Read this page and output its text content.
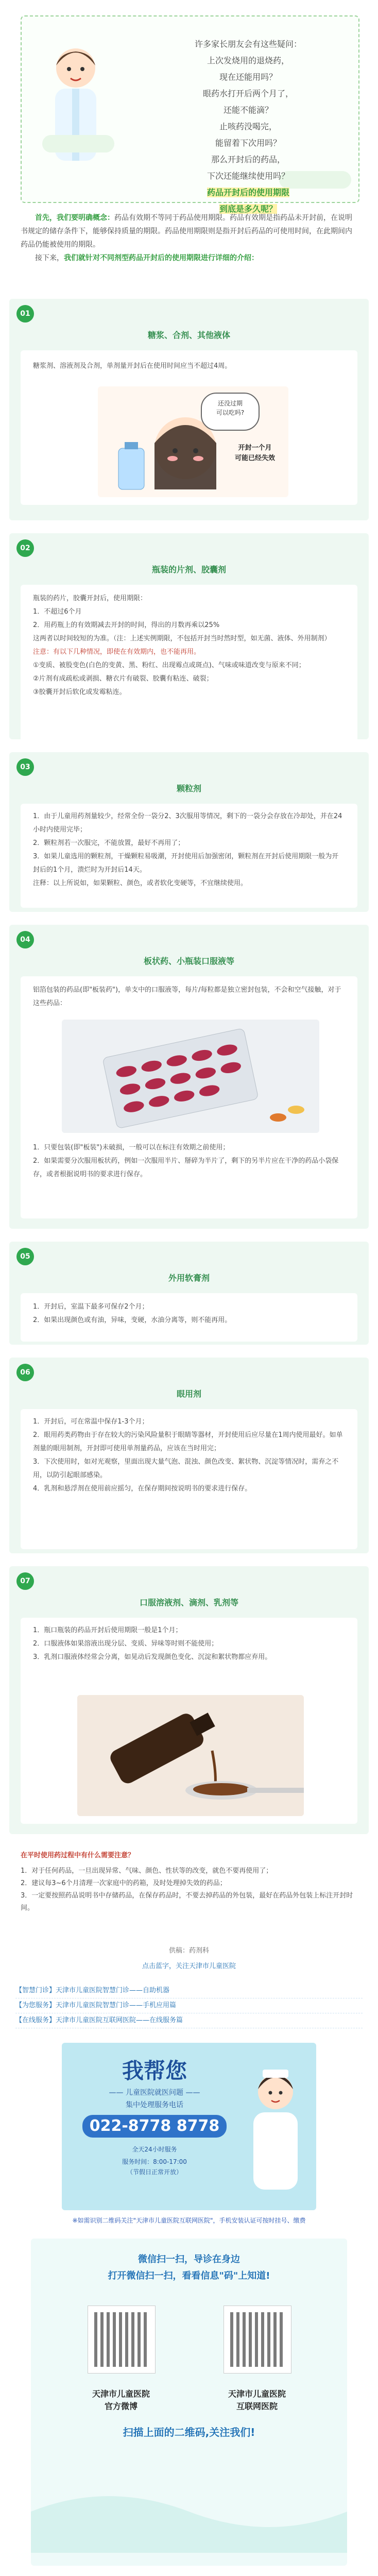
许多家长朋友会有这些疑问：

上次发烧用的退烧药，

现在还能用吗？

眼药水打开后两个月了，

还能不能滴？

止咳药没喝完，

能留着下次用吗？

那么开封后的药品，

下次还能继续使用吗？

药品开封后的使用期限

到底是多久呢？

首先，我们要明确概念：药品有效期不等同于药品使用期限。药品有效期是指药品未开封前，在说明书规定的储存条件下，能够保持质量的期限。药品使用期限则是指开封后药品的可使用时间，在此期间内药品仍能被使用的期限。

接下来，我们就针对不同剂型药品开封后的使用期限进行详细的介绍：

01
糖浆、合剂、其他液体

糖浆剂、溶液剂及合剂，单剂量开封后在使用时间应当不超过4周。

还没过期
可以吃吗?
开封一个月
可能已经失效
02
瓶装的片剂、胶囊剂

瓶装的药片，胶囊开封后，使用期限：

1．不超过6个月

2．用药瓶上的有效期减去开封的时间，得出的月数再乘以25%

这两者以时间较短的为准。（注：上述实例期限，不包括开封当时然时型，如无菌、液体、外用制剂）

注意：有以下几种情况，即使在有效期内，也不能再用。

①变质、被股变色(白色的变黄、黑、粉红、出现霉点或斑点)、气味或味道改变与原来不同；

②片剂有成疏松或剥损、糖衣片有破裂、胶囊有粘连、破裂；

③胶囊开封后软化或发霉粘连。

03
颗粒剂

1．由于儿童用药剂量较少，经常全份一袋分2、3次服用等情况，剩下的一袋分会存放在冷却处，并在24小时内使用完毕；

2．颗粒剂若一次服完，不能放置，最好不再用了；

3．如果儿童选用的颗粒剂，干燥颗粒易吸潮，开封使用后加强密闭，颗粒剂在开封后使用期限一般为开封后的1个月，溃烂时为开封后14天。

注释：以上所说如，如果颗粒、颜色，或者软化变硬等，不宜继续使用。

04
板状药、小瓶装口服液等

铝箔包装的药品(即"板装药")，单支中的口服液等，每片/每粒都是独立密封包装，不会和空气接触，对于这些药品：

1．只要包装(即"板装")未破损，一般可以在标注有效期之前使用；

2．如果需要分次服用板状药，例如一次服用半片、掰碎为半片了，剩下的另半片应在干净的药品小袋保存，或者根据说明书的要求进行保存。

05
外用软膏剂

1．开封后，室温下最多可保存2个月；

2．如果出现颜色或有油，异味，变硬，水油分离等，则不能再用。

06
眼用剂

1．开封后，可在常温中保存1-3个月；

2．眼用药类药物由于存在较大的污染风险量积于眼睛等器材，开封使用后应尽量在1周内使用最好。如单剂量的眼用制剂，开封即可使用单剂量药品，应该在当时用完；

3．下次使用时，如对光观察，里面出现大量气泡、混浊、颜色改变、絮状物、沉淀等情况时，需弃之不用，以防引起眼部感染。

4．乳剂和悬浮剂在使用前应摇匀，在保存期间按说明书的要求进行保存。

07
口服溶液剂、滴剂、乳剂等

1．瓶口瓶装的药品开封后使用期限一般是1个月；

2．口服液体如果溶液出现分层、变质、异味等时则不能使用；

3．乳剂口服液体经常会分离，如晃动后发现颜色变化、沉淀和絮状物都应弃用。

在平时使用药过程中有什么需要注意？

1．对于任何药品，一旦出现异常、气味、颜色、性状等的改变，就色不要再使用了；

2．建议每3~6个月清理一次家庭中的药箱，及时处理掉失效的药品；

3．一定要按照药品说明书中存储药品，在保存药品时，不要去掉药品的外包装，最好在药品外包装上标注开封时间。

供稿：药剂科
点击蓝字，关注天津市儿童医院
【智慧门诊】天津市儿童医院智慧门诊——自助机器
【为您服务】天津市儿童医院智慧门诊——手机应用篇
【在线服务】天津市儿童医院互联网医院——在线服务篇
我帮您
—— 儿童医院就医问题 ——
集中处理服务电话
022-8778 8778
全天24小时服务
服务时间：8:00-17:00
（节假日正常开放）
※如需识别二维码关注"天津市儿童医院互联网医院"，手机安装认证可按时挂号、缴费
微信扫一扫，导诊在身边
打开微信扫一扫，看看信息"码"上知道!
天津市儿童医院
官方微博
天津市儿童医院
互联网医院
扫描上面的二维码,关注我们!
